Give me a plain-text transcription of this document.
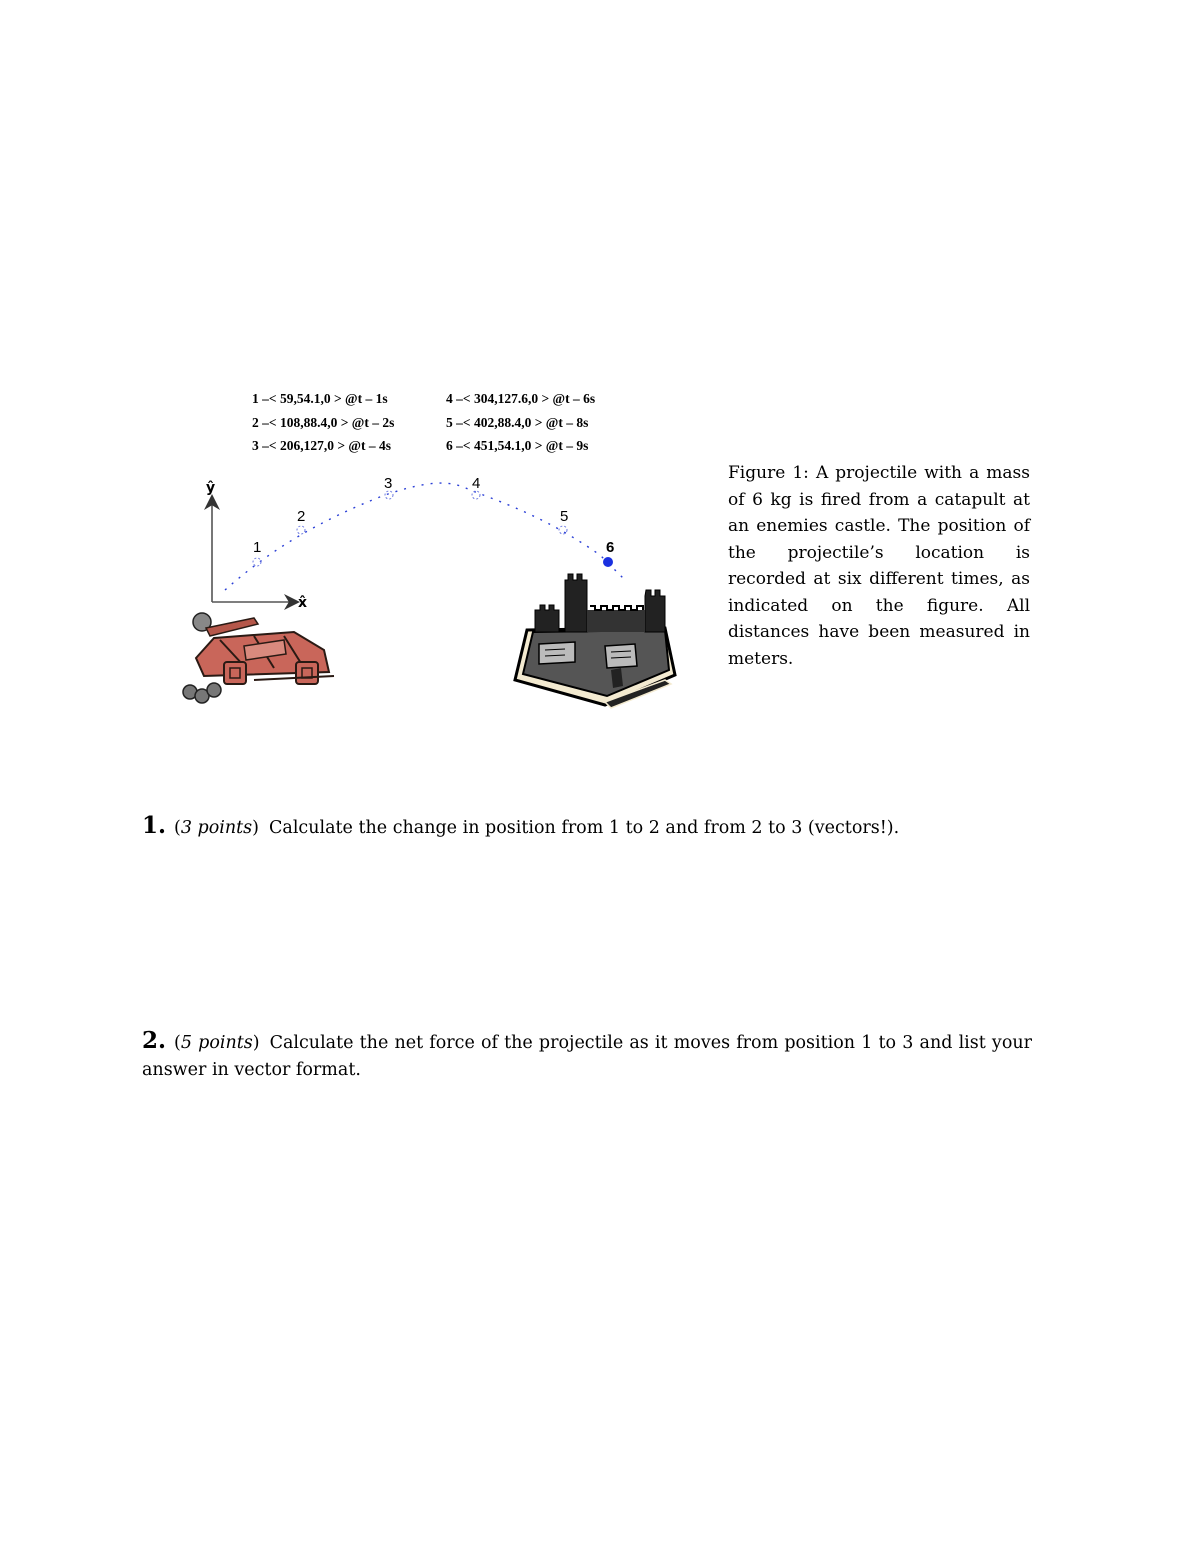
1 –< 59,54.1,0 > @t – 1s
2 –< 108,88.4,0 > @t – 2s
3 –< 206,127,0 > @t – 4s
4 –< 304,127.6,0 > @t – 6s
5 –< 402,88.4,0 > @t – 8s
6 –< 451,54.1,0 > @t – 9s
ŷ
x̂
1
2
3	4
5
6
Figure 1: A projectile with a mass of 6 kg is fired from a catapult at an enemies castle. The position of the projectile’s location is recorded at six different times, as indicated on the figure. All distances have been measured in meters.
1. (3 points) Calculate the change in position from 1 to 2 and from 2 to 3 (vectors!).
2. (5 points) Calculate the net force of the projectile as it moves from position 1 to 3 and list your answer in vector format.
